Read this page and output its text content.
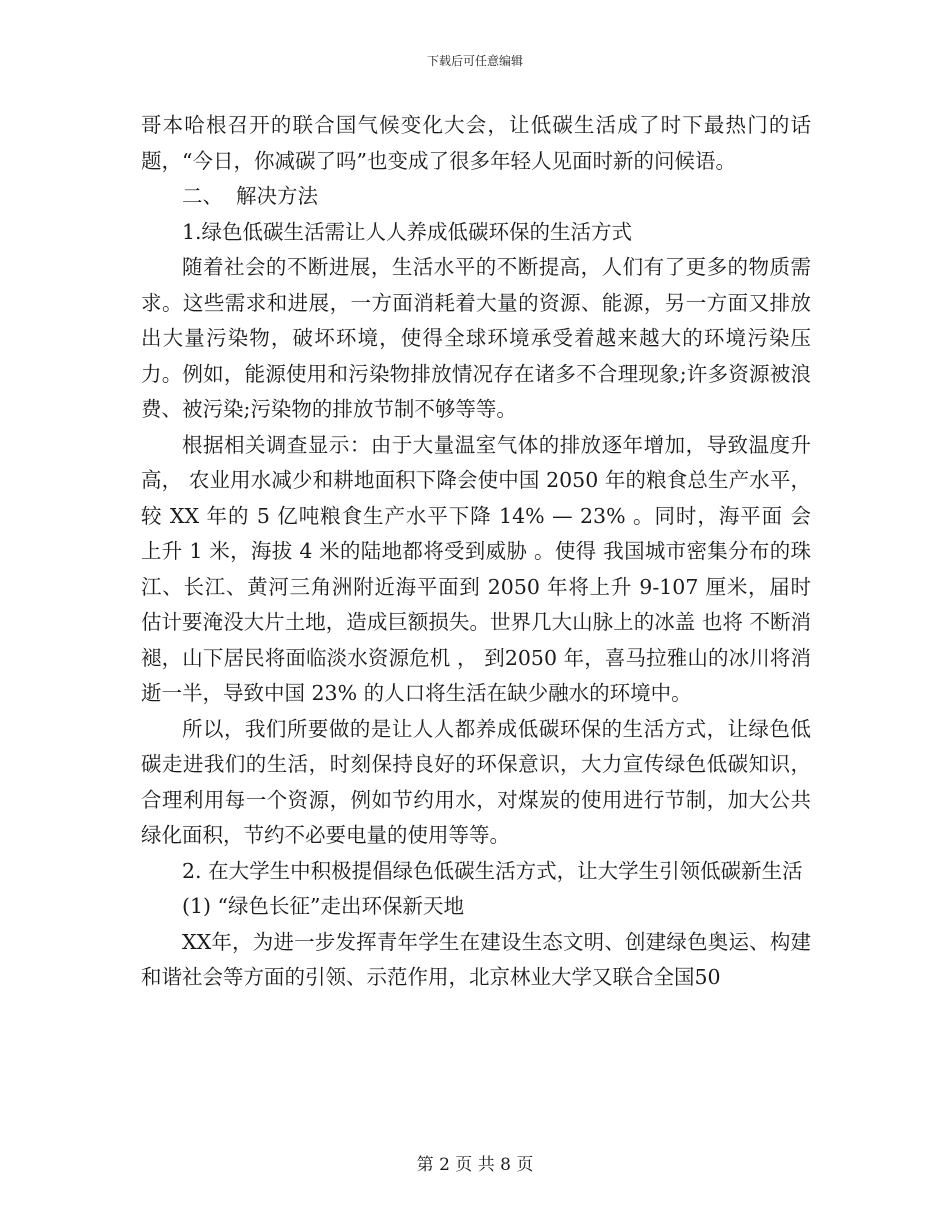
下载后可任意编辑

哥本哈根召开的联合国气候变化大会，让低碳生活成了时下最热门的话题，“今日，你减碳了吗”也变成了很多年轻人见面时新的问候语。

二、  解决方法

1.绿色低碳生活需让人人养成低碳环保的生活方式

随着社会的不断进展，生活水平的不断提高，人们有了更多的物质需求。这些需求和进展，一方面消耗着大量的资源、能源，另一方面又排放出大量污染物，破坏环境，使得全球环境承受着越来越大的环境污染压力。例如，能源使用和污染物排放情况存在诸多不合理现象;许多资源被浪费、被污染;污染物的排放节制不够等等。

根据相关调查显示：由于大量温室气体的排放逐年增加，导致温度升高， 农业用水减少和耕地面积下降会使中国 2050 年的粮食总生产水平，较 XX 年的 5 亿吨粮食生产水平下降 14% — 23% 。同时，海平面 会 上升 1 米，海拔 4 米的陆地都将受到威胁 。使得 我国城市密集分布的珠江、长江、黄河三角洲附近海平面到 2050 年将上升 9-107 厘米，届时估计要淹没大片土地，造成巨额损失。世界几大山脉上的冰盖 也将 不断消褪，山下居民将面临淡水资源危机 ， 到2050 年，喜马拉雅山的冰川将消逝一半，导致中国 23% 的人口将生活在缺少融水的环境中。

所以，我们所要做的是让人人都养成低碳环保的生活方式，让绿色低碳走进我们的生活，时刻保持良好的环保意识，大力宣传绿色低碳知识，合理利用每一个资源，例如节约用水，对煤炭的使用进行节制，加大公共绿化面积，节约不必要电量的使用等等。

2. 在大学生中积极提倡绿色低碳生活方式，让大学生引领低碳新生活

(1) “绿色长征”走出环保新天地

XX年，为进一步发挥青年学生在建设生态文明、创建绿色奥运、构建和谐社会等方面的引领、示范作用，北京林业大学又联合全国50

第 2 页 共 8 页
